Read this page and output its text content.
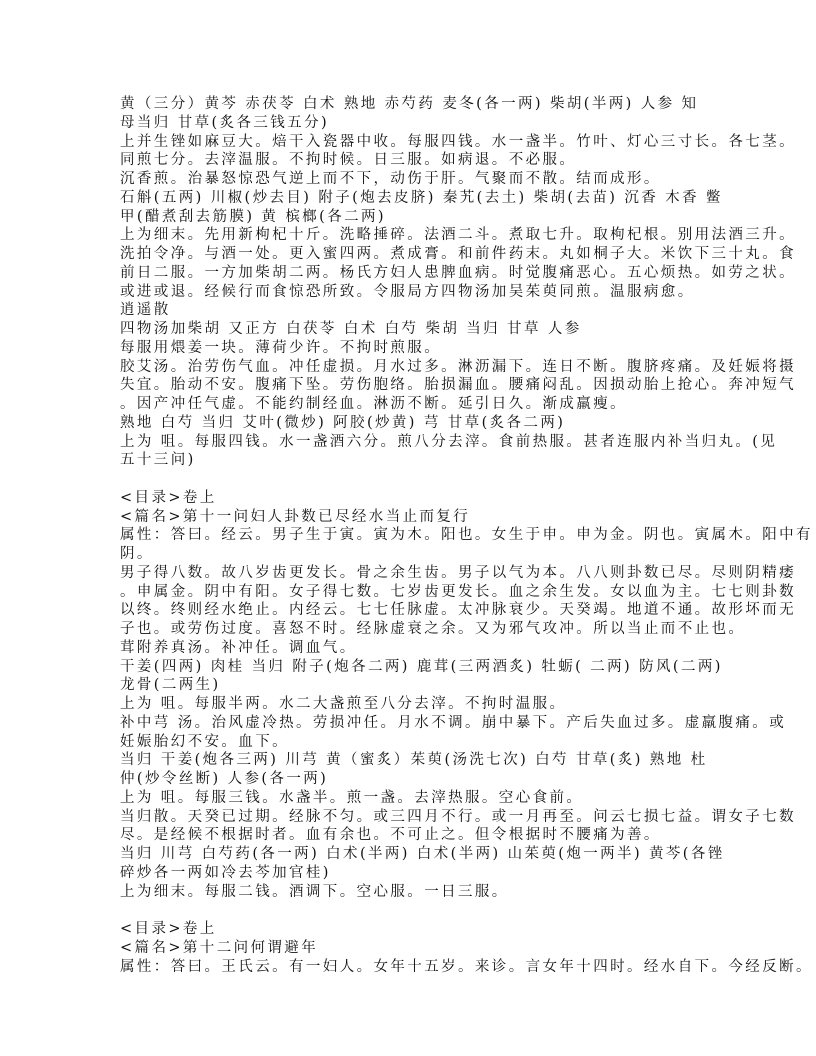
黄（三分）黄芩 赤茯苓 白术 熟地 赤芍药 麦冬(各一两) 柴胡(半两) 人参 知
母当归 甘草(炙各三钱五分)
上并生锉如麻豆大。焙干入瓷器中收。每服四钱。水一盏半。竹叶、灯心三寸长。各七茎。
同煎七分。去滓温服。不拘时候。日三服。如病退。不必服。
沉香煎。治暴怒惊恐气逆上而不下，动伤于肝。气聚而不散。结而成形。
石斛(五两) 川椒(炒去目) 附子(炮去皮脐) 秦艽(去土) 柴胡(去苗) 沉香 木香 鳖
甲(醋煮刮去筋膜) 黄 槟榔(各二两)
上为细末。先用新枸杞十斤。洗略捶碎。法酒二斗。煮取七升。取枸杞根。别用法酒三升。
洗拍令净。与酒一处。更入蜜四两。煮成膏。和前件药末。丸如桐子大。米饮下三十丸。食
前日二服。一方加柴胡二两。杨氏方妇人患脾血病。时觉腹痛恶心。五心烦热。如劳之状。
或进或退。经候行而食惊恐所致。令服局方四物汤加吴茱萸同煎。温服病愈。
逍遥散
四物汤加柴胡 又正方 白茯苓 白术 白芍 柴胡 当归 甘草 人参
每服用煨姜一块。薄荷少许。不拘时煎服。
胶艾汤。治劳伤气血。冲任虚损。月水过多。淋沥漏下。连日不断。腹脐疼痛。及妊娠将摄
失宜。胎动不安。腹痛下坠。劳伤胞络。胎损漏血。腰痛闷乱。因损动胎上抢心。奔冲短气
。因产冲任气虚。不能约制经血。淋沥不断。延引日久。渐成羸瘦。
熟地 白芍 当归 艾叶(微炒) 阿胶(炒黄) 芎 甘草(炙各二两)
上为 咀。每服四钱。水一盏酒六分。煎八分去滓。食前热服。甚者连服内补当归丸。(见
五十三问)
<目录>卷上
<篇名>第十一问妇人卦数已尽经水当止而复行
属性：答曰。经云。男子生于寅。寅为木。阳也。女生于申。申为金。阴也。寅属木。阳中有
阴。
男子得八数。故八岁齿更发长。骨之余生齿。男子以气为本。八八则卦数已尽。尽则阴精痿
。申属金。阴中有阳。女子得七数。七岁齿更发长。血之余生发。女以血为主。七七则卦数
以终。终则经水绝止。内经云。七七任脉虚。太冲脉衰少。天癸竭。地道不通。故形坏而无
子也。或劳伤过度。喜怒不时。经脉虚衰之余。又为邪气攻冲。所以当止而不止也。
茸附养真汤。补冲任。调血气。
干姜(四两) 肉桂 当归 附子(炮各二两) 鹿茸(三两酒炙) 牡蛎( 二两) 防风(二两)
龙骨(二两生)
上为 咀。每服半两。水二大盏煎至八分去滓。不拘时温服。
补中芎 汤。治风虚冷热。劳损冲任。月水不调。崩中暴下。产后失血过多。虚羸腹痛。或
妊娠胎幻不安。血下。
当归 干姜(炮各三两) 川芎 黄（蜜炙）茱萸(汤洗七次) 白芍 甘草(炙) 熟地 杜
仲(炒令丝断) 人参(各一两)
上为 咀。每服三钱。水盏半。煎一盏。去滓热服。空心食前。
当归散。天癸已过期。经脉不匀。或三四月不行。或一月再至。问云七损七益。谓女子七数
尽。是经候不根据时者。血有余也。不可止之。但令根据时不腰痛为善。
当归 川芎 白芍药(各一两) 白术(半两) 白术(半两) 山茱萸(炮一两半) 黄芩(各锉
碎炒各一两如冷去芩加官桂)
上为细末。每服二钱。酒调下。空心服。一日三服。
<目录>卷上
<篇名>第十二问何谓避年
属性：答曰。王氏云。有一妇人。女年十五岁。来诊。言女年十四时。经水自下。今经反断。
